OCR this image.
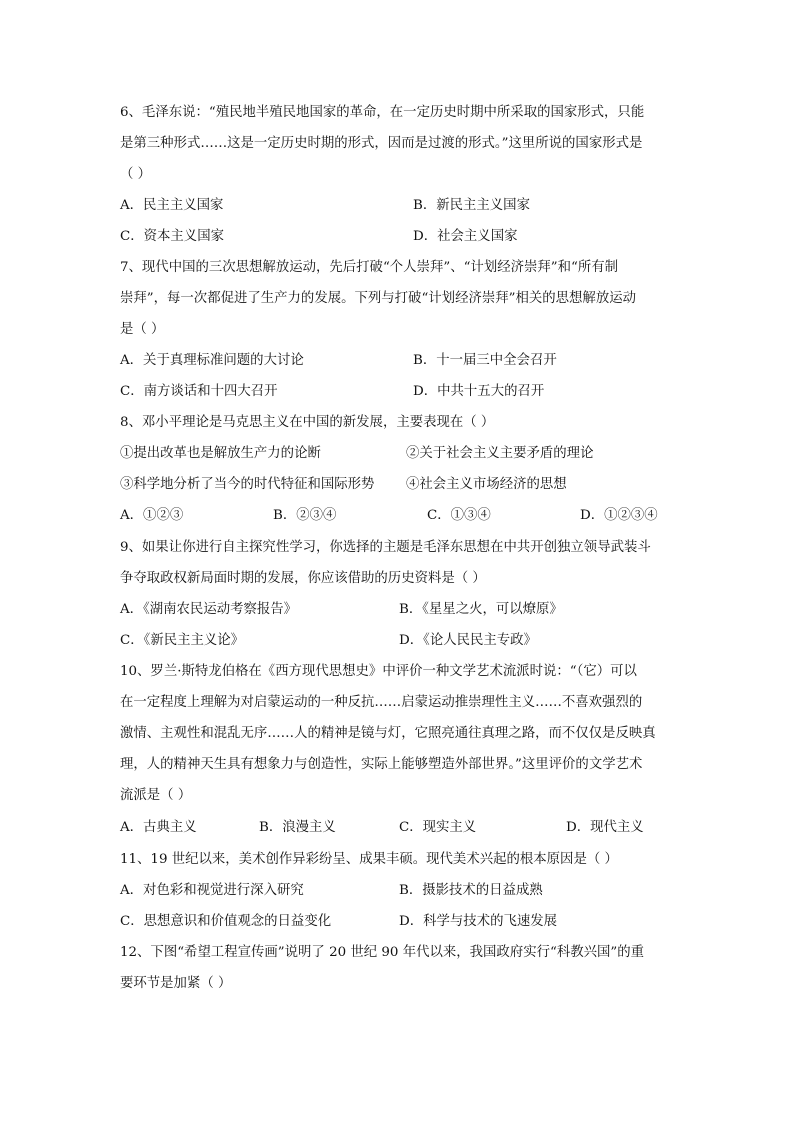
6、毛泽东说：“殖民地半殖民地国家的革命，在一定历史时期中所采取的国家形式，只能
是第三种形式……这是一定历史时期的形式，因而是过渡的形式。”这里所说的国家形式是
（ ）
A．民主主义国家	B．新民主主义国家
C．资本主义国家	D．社会主义国家
7、现代中国的三次思想解放运动，先后打破“个人崇拜”、“计划经济崇拜”和“所有制
崇拜”，每一次都促进了生产力的发展。下列与打破“计划经济崇拜”相关的思想解放运动
是（ ）
A．关于真理标准问题的大讨论	B．十一届三中全会召开
C．南方谈话和十四大召开	D．中共十五大的召开
8、邓小平理论是马克思主义在中国的新发展，主要表现在（ ）
①提出改革也是解放生产力的论断	②关于社会主义主要矛盾的理论
③科学地分析了当今的时代特征和国际形势 ④社会主义市场经济的思想
A．①②③	B．②③④	C．①③④	D．①②③④
9、如果让你进行自主探究性学习，你选择的主题是毛泽东思想在中共开创独立领导武装斗
争夺取政权新局面时期的发展，你应该借助的历史资料是（ ）
A．《湖南农民运动考察报告》	B．《星星之火，可以燎原》
C．《新民主主义论》	D．《论人民民主专政》
10、罗兰·斯特龙伯格在《西方现代思想史》中评价一种文学艺术流派时说：“（它）可以
在一定程度上理解为对启蒙运动的一种反抗……启蒙运动推崇理性主义……不喜欢强烈的
激情、主观性和混乱无序……人的精神是镜与灯，它照亮通往真理之路，而不仅仅是反映真
理，人的精神天生具有想象力与创造性，实际上能够塑造外部世界。”这里评价的文学艺术
流派是（ ）
A．古典主义	B．浪漫主义	C．现实主义	D．现代主义
11、19 世纪以来，美术创作异彩纷呈、成果丰硕。现代美术兴起的根本原因是（ ）
A．对色彩和视觉进行深入研究	B．摄影技术的日益成熟
C．思想意识和价值观念的日益变化	D．科学与技术的飞速发展
12、下图“希望工程宣传画”说明了 20 世纪 90 年代以来，我国政府实行“科教兴国”的重
要环节是加紧（ ）
